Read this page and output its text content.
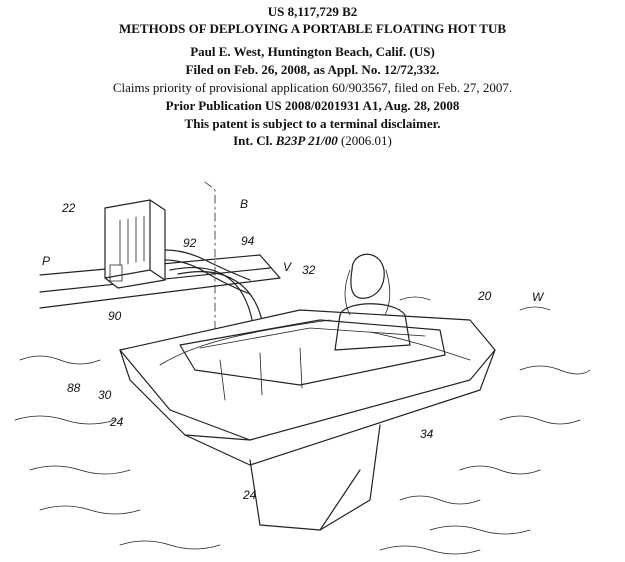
US 8,117,729 B2
METHODS OF DEPLOYING A PORTABLE FLOATING HOT TUB
Paul E. West, Huntington Beach, Calif. (US)
Filed on Feb. 26, 2008, as Appl. No. 12/72,332.
Claims priority of provisional application 60/903567, filed on Feb. 27, 2007.
Prior Publication US 2008/0201931 A1, Aug. 28, 2008
This patent is subject to a terminal disclaimer.
Int. Cl. B23P 21/00 (2006.01)
22	B
P
92	94
V 32
20	W
90
88 30
24
34
24
